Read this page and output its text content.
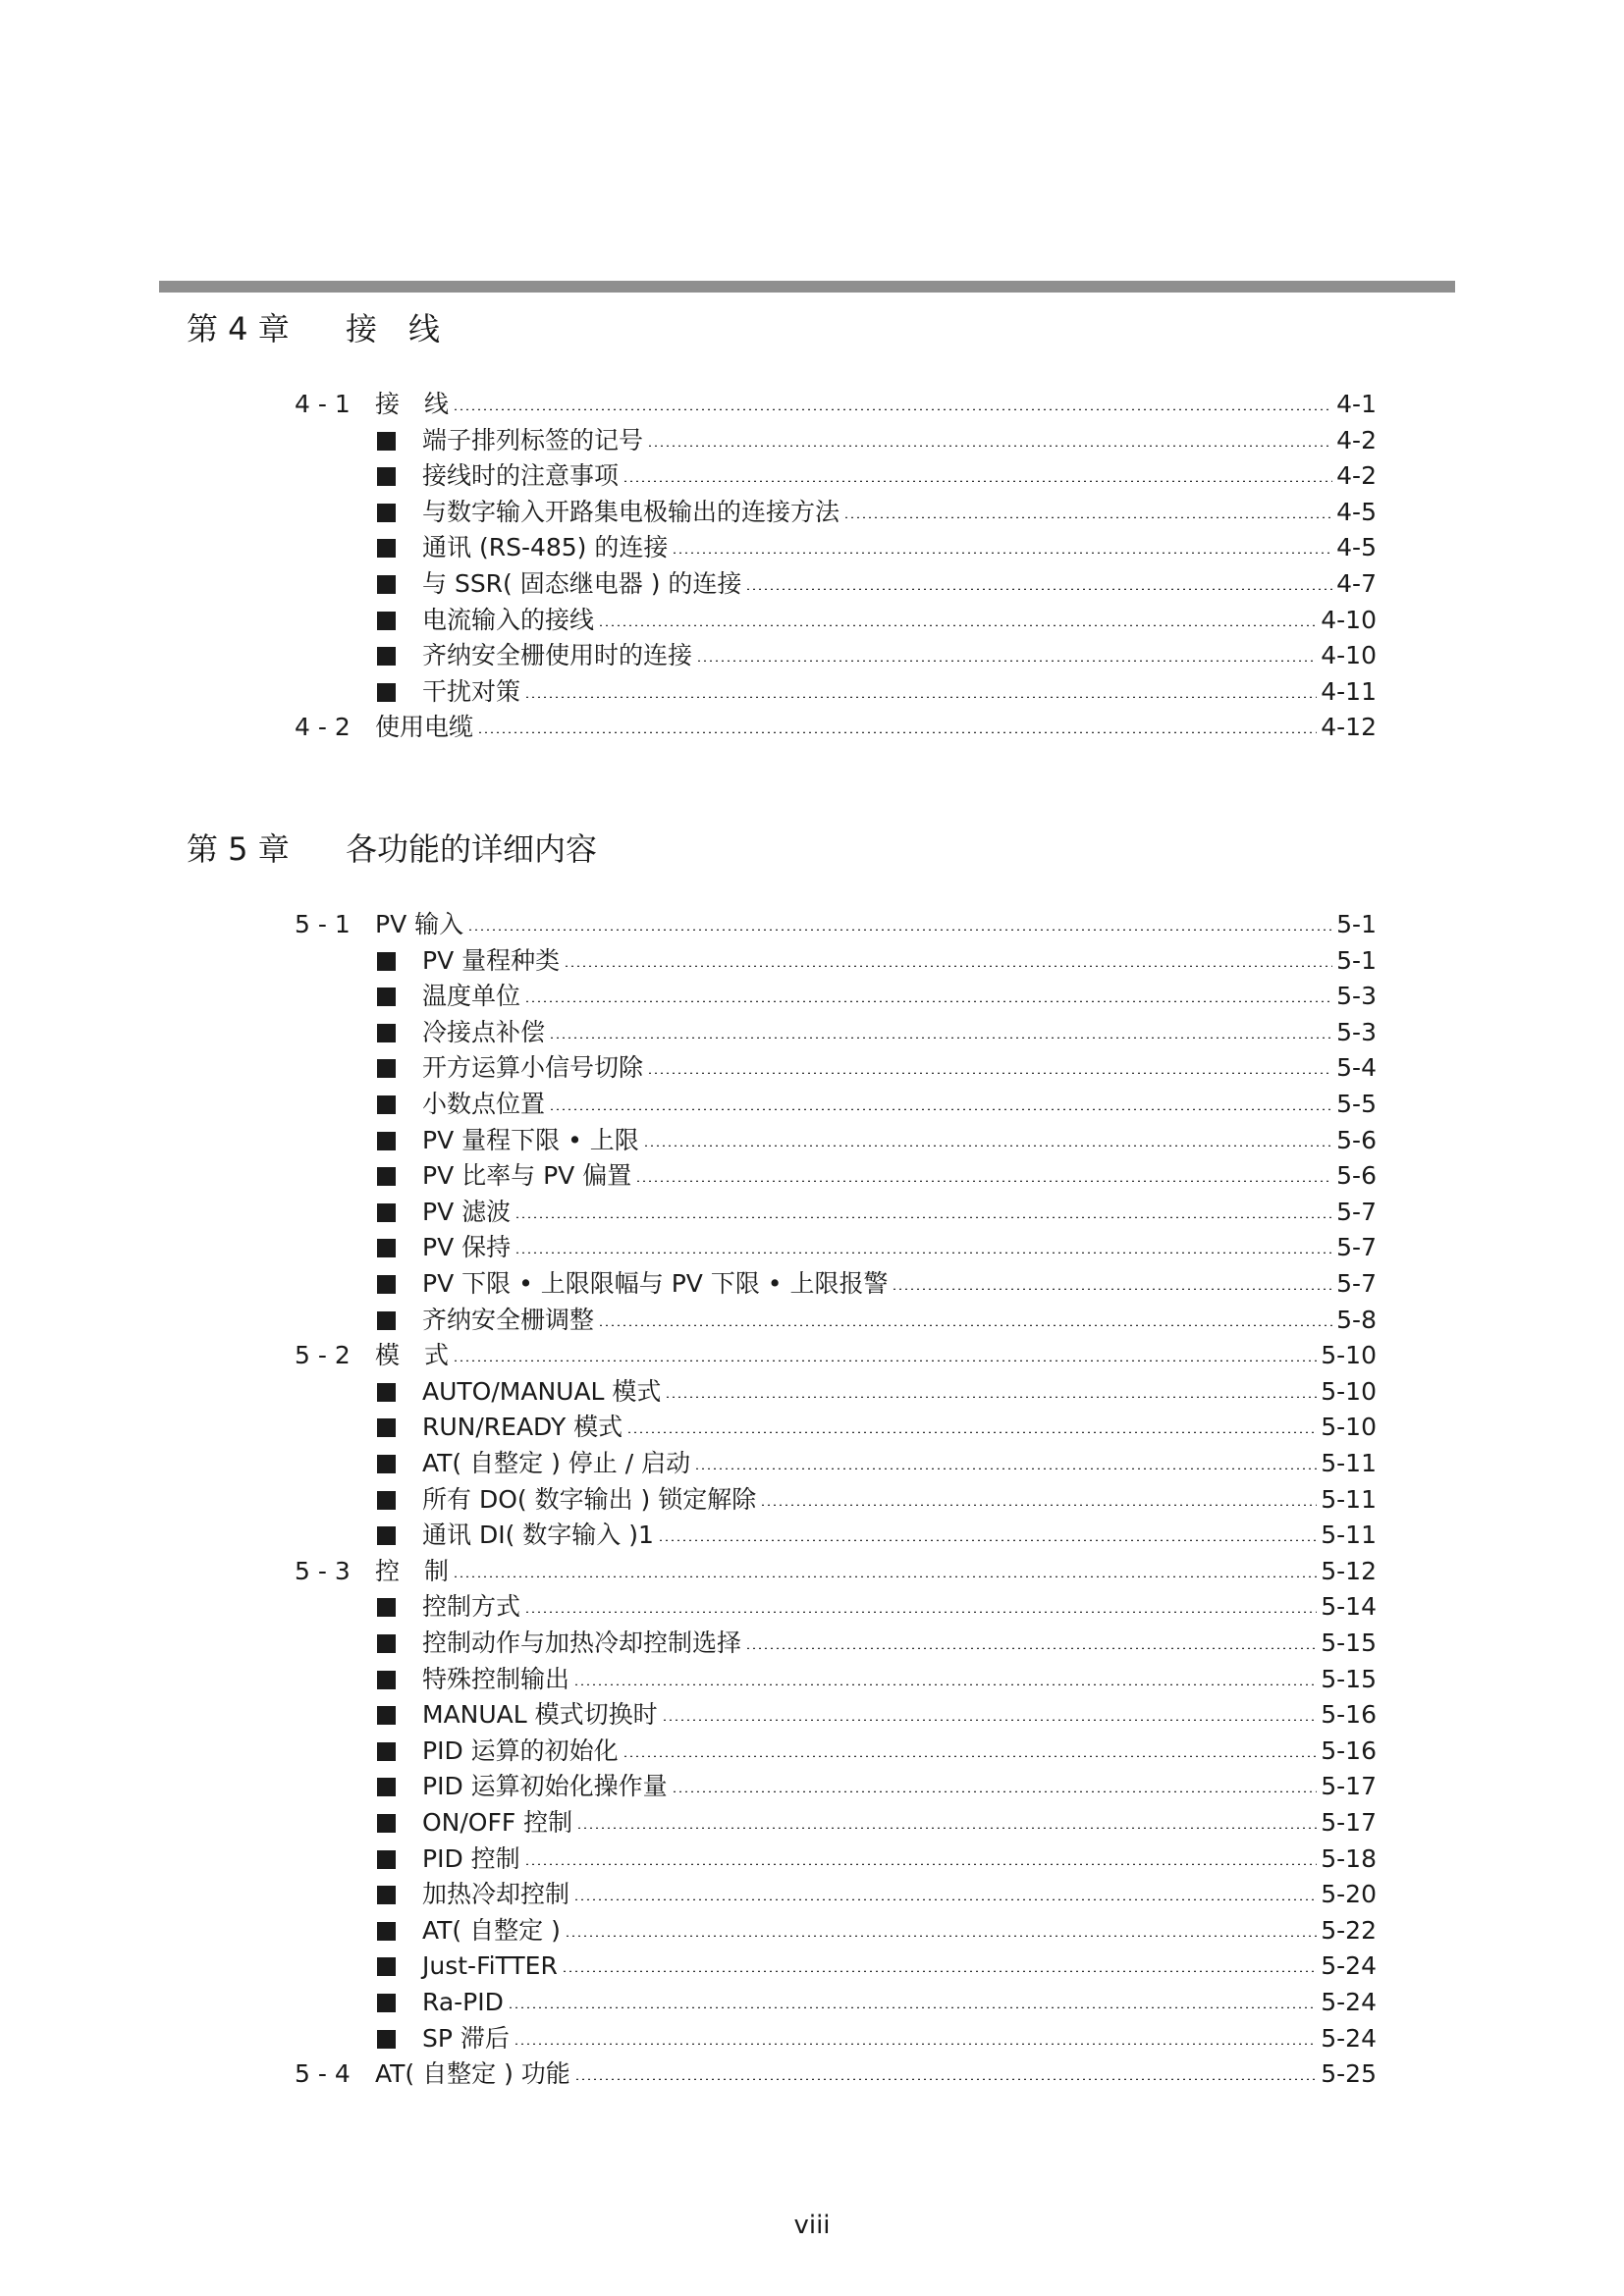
第 4 章 接　线
4 - 1 接　线	4-1
端子排列标签的记号	4-2
接线时的注意事项	4-2
与数字输入开路集电极输出的连接方法	4-5
通讯 (RS-485) 的连接	4-5
与 SSR( 固态继电器 ) 的连接	4-7
电流输入的接线	4-10
齐纳安全栅使用时的连接	4-10
干扰对策	4-11
4 - 2 使用电缆	4-12
第 5 章 各功能的详细内容
5 - 1 PV 输入	5-1
PV 量程种类	5-1
温度单位	5-3
冷接点补偿	5-3
开方运算小信号切除	5-4
小数点位置	5-5
PV 量程下限 • 上限	5-6
PV 比率与 PV 偏置	5-6
PV 滤波	5-7
PV 保持	5-7
PV 下限 • 上限限幅与 PV 下限 • 上限报警	5-7
齐纳安全栅调整	5-8
5 - 2 模　式	5-10
AUTO/MANUAL 模式	5-10
RUN/READY 模式	5-10
AT( 自整定 ) 停止 / 启动	5-11
所有 DO( 数字输出 ) 锁定解除	5-11
通讯 DI( 数字输入 )1	5-11
5 - 3 控　制	5-12
控制方式	5-14
控制动作与加热冷却控制选择	5-15
特殊控制输出	5-15
MANUAL 模式切换时	5-16
PID 运算的初始化	5-16
PID 运算初始化操作量	5-17
ON/OFF 控制	5-17
PID 控制	5-18
加热冷却控制	5-20
AT( 自整定 )	5-22
Just-FiTTER	5-24
Ra-PID	5-24
SP 滞后	5-24
5 - 4 AT( 自整定 ) 功能	5-25
viii
